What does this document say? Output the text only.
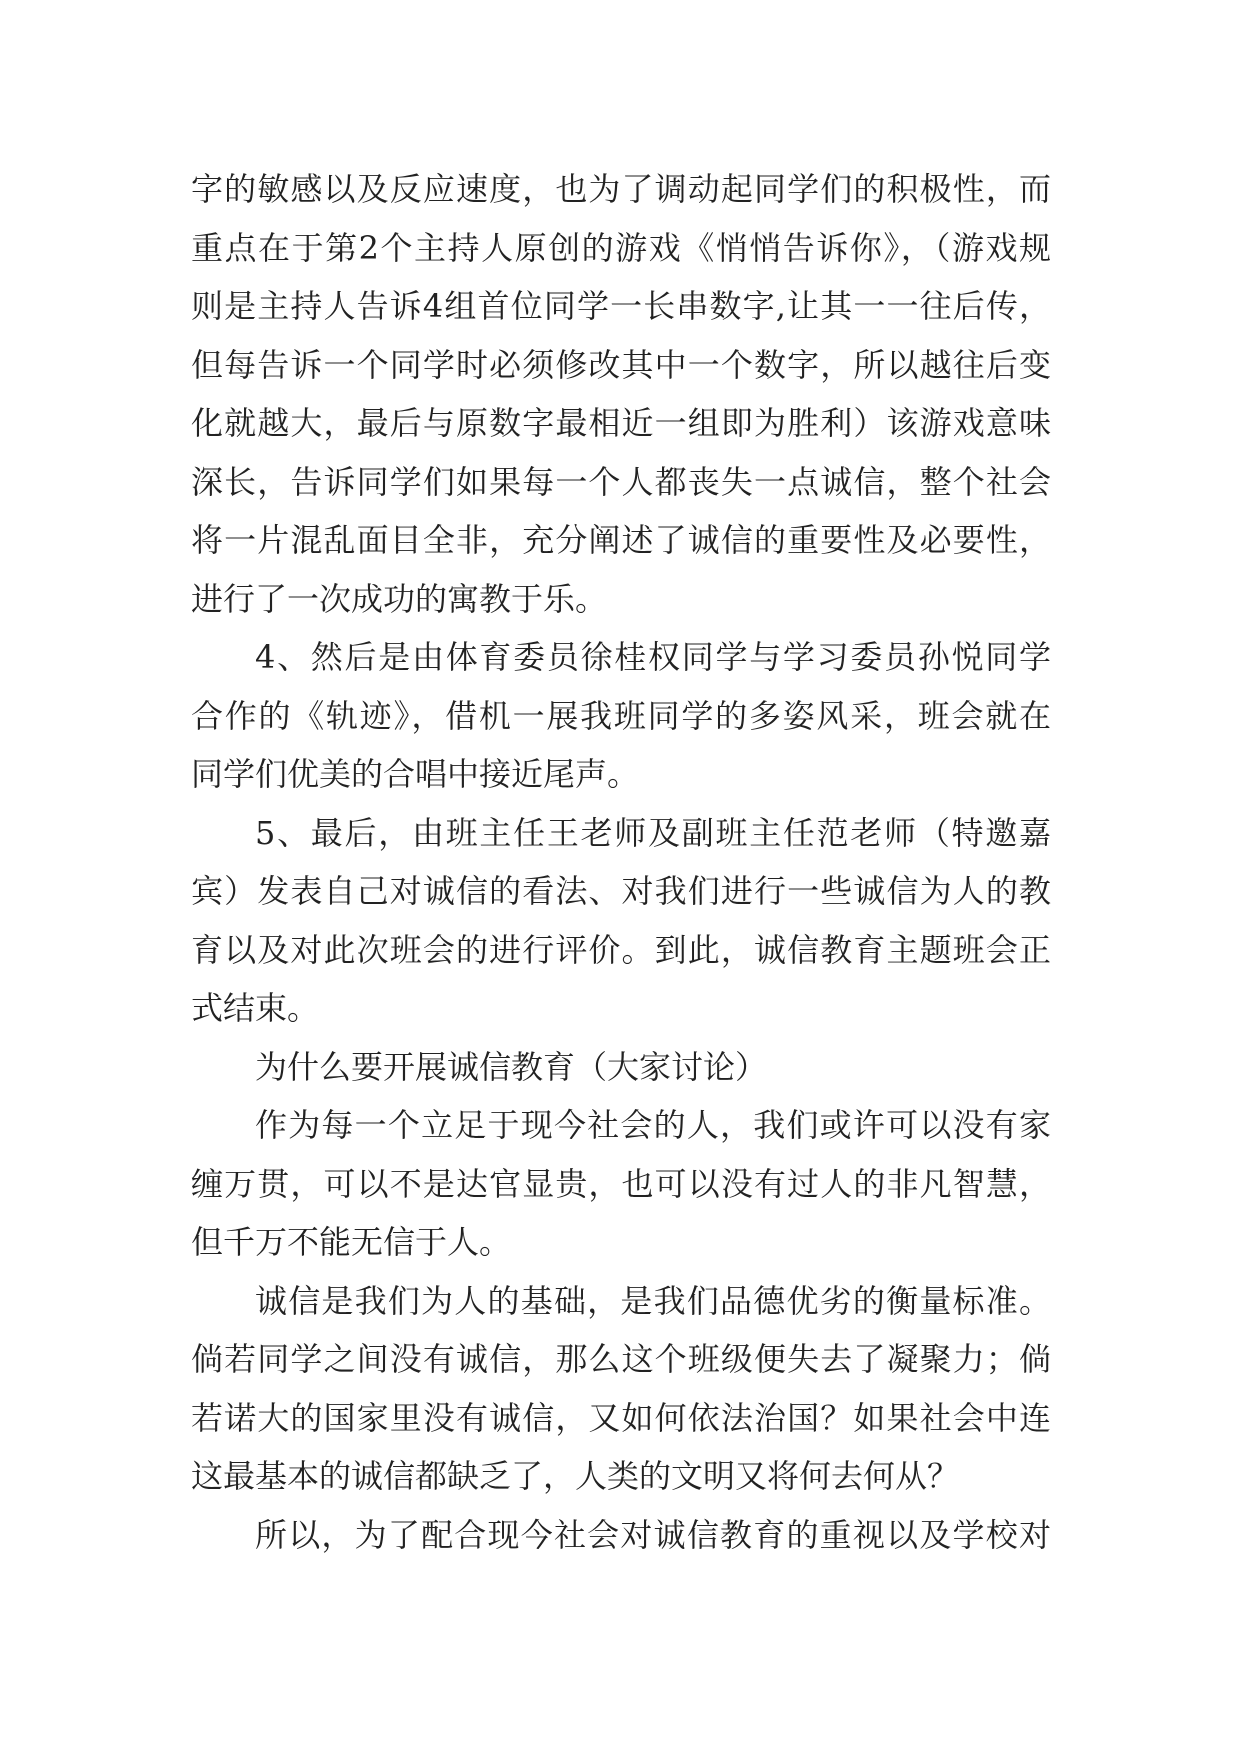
字的敏感以及反应速度，也为了调动起同学们的积极性，而
重点在于第2个主持人原创的游戏《悄悄告诉你》，（游戏规
则是主持人告诉4组首位同学一长串数字,让其一一往后传，
但每告诉一个同学时必须修改其中一个数字，所以越往后变
化就越大，最后与原数字最相近一组即为胜利）该游戏意味
深长，告诉同学们如果每一个人都丧失一点诚信，整个社会
将一片混乱面目全非，充分阐述了诚信的重要性及必要性，
进行了一次成功的寓教于乐。
4、然后是由体育委员徐桂权同学与学习委员孙悦同学
合作的《轨迹》，借机一展我班同学的多姿风采，班会就在
同学们优美的合唱中接近尾声。
5、最后，由班主任王老师及副班主任范老师（特邀嘉
宾）发表自己对诚信的看法、对我们进行一些诚信为人的教
育以及对此次班会的进行评价。到此，诚信教育主题班会正
式结束。
为什么要开展诚信教育（大家讨论）
作为每一个立足于现今社会的人，我们或许可以没有家
缠万贯，可以不是达官显贵，也可以没有过人的非凡智慧，
但千万不能无信于人。
诚信是我们为人的基础，是我们品德优劣的衡量标准。
倘若同学之间没有诚信，那么这个班级便失去了凝聚力；倘
若诺大的国家里没有诚信，又如何依法治国？如果社会中连
这最基本的诚信都缺乏了，人类的文明又将何去何从？
所以，为了配合现今社会对诚信教育的重视以及学校对
